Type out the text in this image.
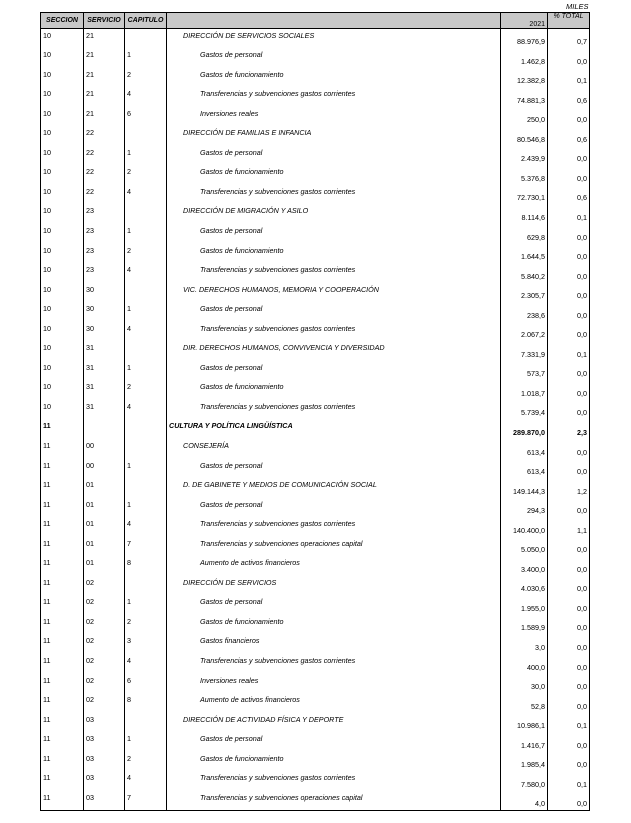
MILES
SECCION	SERVICIO	CAPITULO		2021	% TOTAL
10	21		DIRECCIÓN DE SERVICIOS SOCIALES	88.976,9	0,7
10	21	1	Gastos de personal	1.462,8	0,0
10	21	2	Gastos de funcionamiento	12.382,8	0,1
10	21	4	Transferencias y subvenciones gastos corrientes	74.881,3	0,6
10	21	6	Inversiones reales	250,0	0,0
10	22		DIRECCIÓN DE FAMILIAS E INFANCIA	80.546,8	0,6
10	22	1	Gastos de personal	2.439,9	0,0
10	22	2	Gastos de funcionamiento	5.376,8	0,0
10	22	4	Transferencias y subvenciones gastos corrientes	72.730,1	0,6
10	23		DIRECCIÓN DE MIGRACIÓN Y ASILO	8.114,6	0,1
10	23	1	Gastos de personal	629,8	0,0
10	23	2	Gastos de funcionamiento	1.644,5	0,0
10	23	4	Transferencias y subvenciones gastos corrientes	5.840,2	0,0
10	30		VIC. DERECHOS HUMANOS, MEMORIA Y COOPERACIÓN	2.305,7	0,0
10	30	1	Gastos de personal	238,6	0,0
10	30	4	Transferencias y subvenciones gastos corrientes	2.067,2	0,0
10	31		DIR. DERECHOS HUMANOS, CONVIVENCIA Y DIVERSIDAD	7.331,9	0,1
10	31	1	Gastos de personal	573,7	0,0
10	31	2	Gastos de funcionamiento	1.018,7	0,0
10	31	4	Transferencias y subvenciones gastos corrientes	5.739,4	0,0
11			CULTURA Y POLÍTICA LINGÜÍSTICA	289.870,0	2,3
11	00		CONSEJERÍA	613,4	0,0
11	00	1	Gastos de personal	613,4	0,0
11	01		D. DE GABINETE Y MEDIOS DE COMUNICACIÓN SOCIAL	149.144,3	1,2
11	01	1	Gastos de personal	294,3	0,0
11	01	4	Transferencias y subvenciones gastos corrientes	140.400,0	1,1
11	01	7	Transferencias y subvenciones operaciones capital	5.050,0	0,0
11	01	8	Aumento de activos financieros	3.400,0	0,0
11	02		DIRECCIÓN DE SERVICIOS	4.030,6	0,0
11	02	1	Gastos de personal	1.955,0	0,0
11	02	2	Gastos de funcionamiento	1.589,9	0,0
11	02	3	Gastos financieros	3,0	0,0
11	02	4	Transferencias y subvenciones gastos corrientes	400,0	0,0
11	02	6	Inversiones reales	30,0	0,0
11	02	8	Aumento de activos financieros	52,8	0,0
11	03		DIRECCIÓN DE ACTIVIDAD FÍSICA Y DEPORTE	10.986,1	0,1
11	03	1	Gastos de personal	1.416,7	0,0
11	03	2	Gastos de funcionamiento	1.985,4	0,0
11	03	4	Transferencias y subvenciones gastos corrientes	7.580,0	0,1
11	03	7	Transferencias y subvenciones operaciones capital	4,0	0,0
